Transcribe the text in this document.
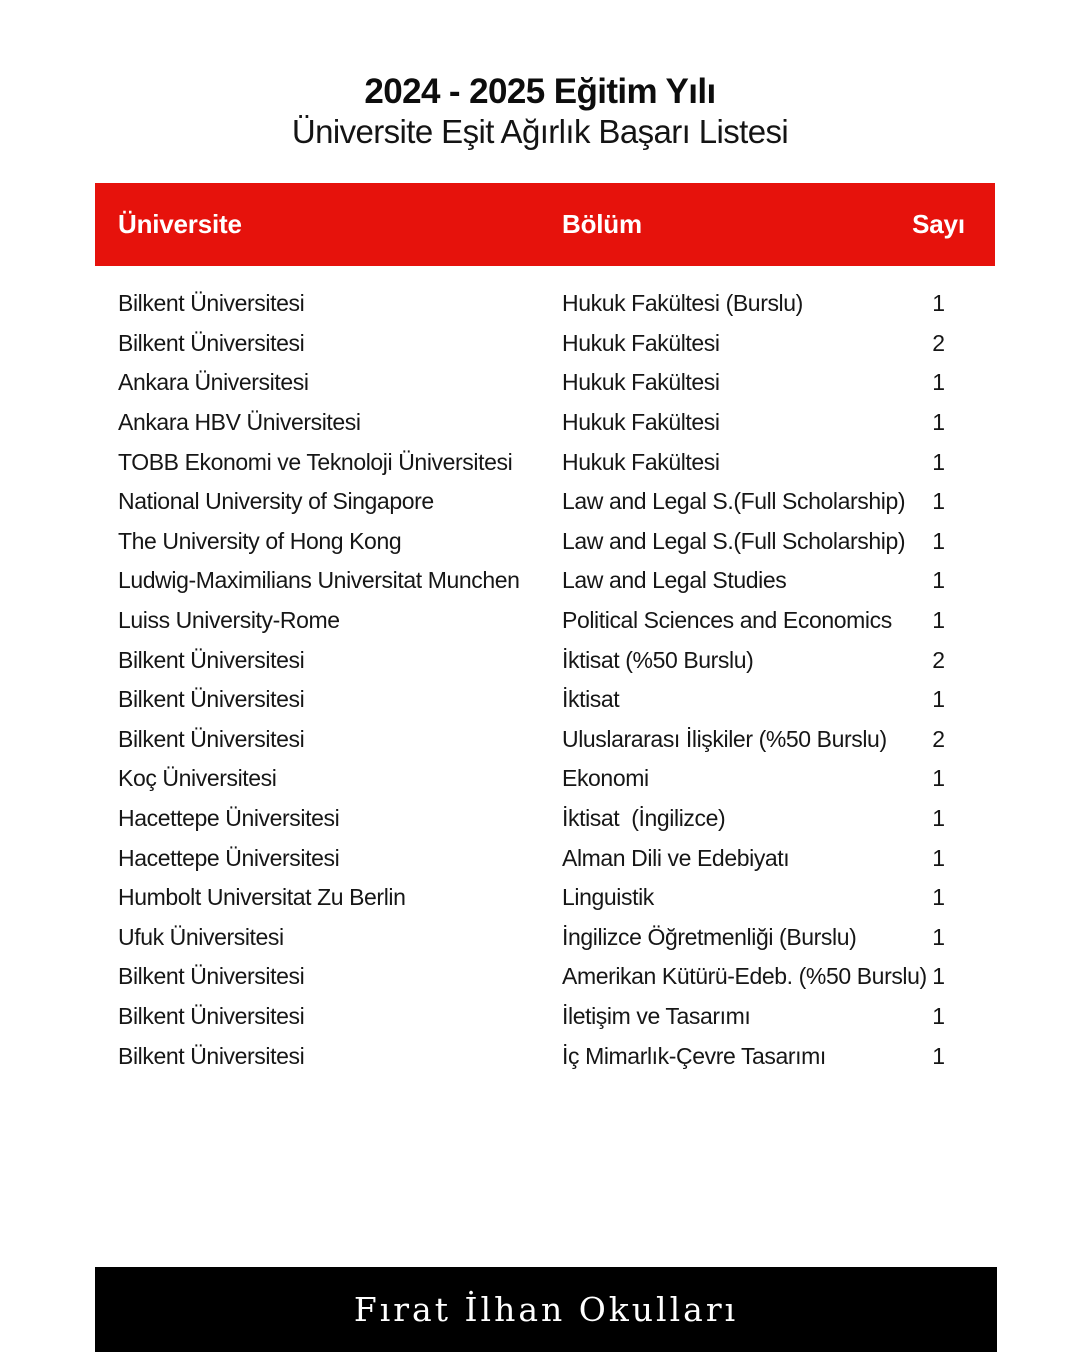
2024 - 2025 Eğitim Yılı
Üniversite Eşit Ağırlık Başarı Listesi
Üniversite	Bölüm	Sayı
Bilkent Üniversitesi	Hukuk Fakültesi (Burslu)	1
Bilkent Üniversitesi	Hukuk Fakültesi	2
Ankara Üniversitesi	Hukuk Fakültesi	1
Ankara HBV Üniversitesi	Hukuk Fakültesi	1
TOBB Ekonomi ve Teknoloji Üniversitesi	Hukuk Fakültesi	1
National University of Singapore	Law and Legal S.(Full Scholarship)	1
The University of Hong Kong	Law and Legal S.(Full Scholarship)	1
Ludwig-Maximilians Universitat Munchen	Law and Legal Studies	1
Luiss University-Rome	Political Sciences and Economics	1
Bilkent Üniversitesi	İktisat (%50 Burslu)	2
Bilkent Üniversitesi	İktisat	1
Bilkent Üniversitesi	Uluslararası İlişkiler (%50 Burslu)	2
Koç Üniversitesi	Ekonomi	1
Hacettepe Üniversitesi	İktisat  (İngilizce)	1
Hacettepe Üniversitesi	Alman Dili ve Edebiyatı	1
Humbolt Universitat Zu Berlin	Linguistik	1
Ufuk Üniversitesi	İngilizce Öğretmenliği (Burslu)	1
Bilkent Üniversitesi	Amerikan Kütürü-Edeb. (%50 Burslu) 1
Bilkent Üniversitesi	İletişim ve Tasarımı	1
Bilkent Üniversitesi	İç Mimarlık-Çevre Tasarımı	1
Fırat İlhan Okulları
